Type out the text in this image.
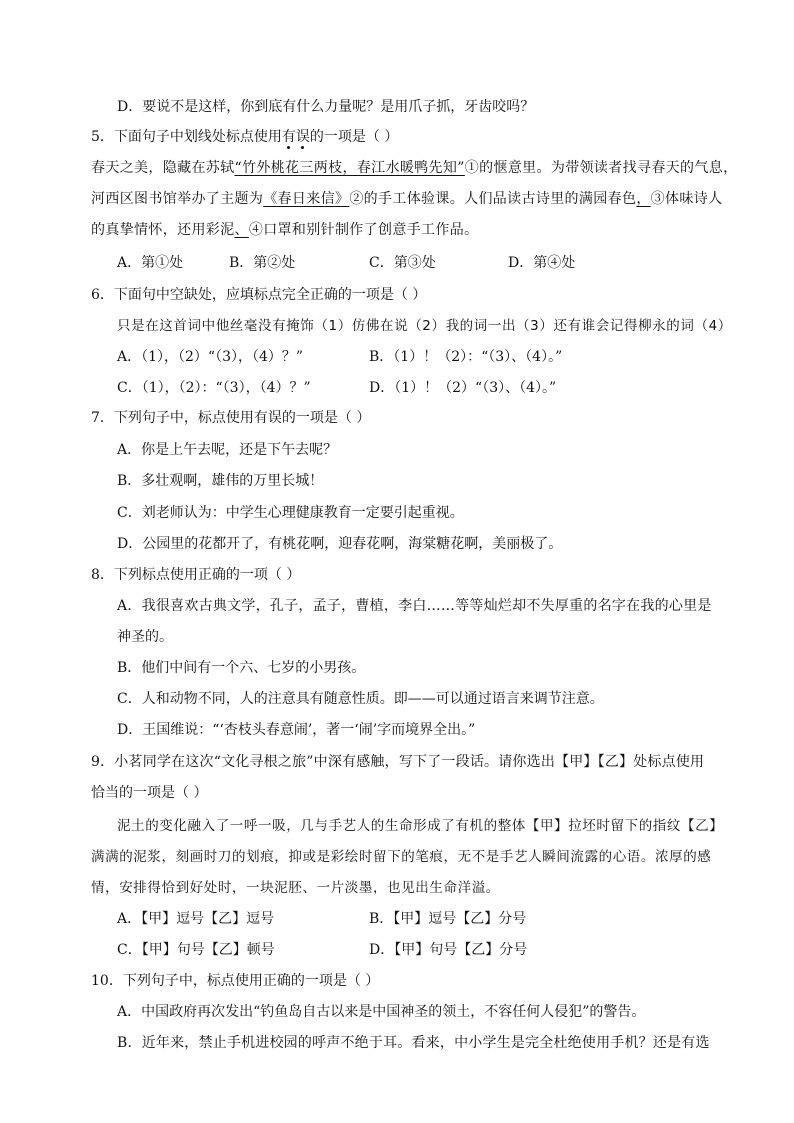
D．要说不是这样，你到底有什么力量呢？是用爪子抓，牙齿咬吗？
5．下面句子中划线处标点使用有误的一项是（ ）
春天之美，隐藏在苏轼“竹外桃花三两枝，春江水暖鸭先知”①的惬意里。为带领读者找寻春天的气息，
河西区图书馆举办了主题为《春日来信》②的手工体验课。人们品读古诗里的满园春色，③体味诗人
的真挚情怀，还用彩泥、④口罩和别针制作了创意手工作品。
A．第①处	B．第②处	C．第③处	D．第④处
6．下面句中空缺处，应填标点完全正确的一项是（ ）
只是在这首词中他丝毫没有掩饰（1）仿佛在说（2）我的词一出（3）还有谁会记得柳永的词（4）
A．（1），（2）“（3），（4）？”	B．（1）！（2）：“（3）、（4）。”
C．（1），（2）：“（3），（4）？”	D．（1）！（2）“（3）、（4）。”
7．下列句子中，标点使用有误的一项是（ ）
A．你是上午去呢，还是下午去呢？
B．多壮观啊，雄伟的万里长城！
C．刘老师认为：中学生心理健康教育一定要引起重视。
D．公园里的花都开了，有桃花啊，迎春花啊，海棠糖花啊，美丽极了。
8．下列标点使用正确的一项（ ）
A．我很喜欢古典文学，孔子，孟子，曹植，李白……等等灿烂却不失厚重的名字在我的心里是
神圣的。
B．他们中间有一个六、七岁的小男孩。
C．人和动物不同，人的注意具有随意性质。即——可以通过语言来调节注意。
D．王国维说：“‘杏枝头春意闹’，著一‘闹’字而境界全出。”
9．小茗同学在这次“文化寻根之旅”中深有感触，写下了一段话。请你选出【甲】【乙】处标点使用
恰当的一项是（ ）
泥土的变化融入了一呼一吸，几与手艺人的生命形成了有机的整体【甲】拉坯时留下的指纹【乙】
满满的泥浆，刻画时刀的划痕，抑或是彩绘时留下的笔痕，无不是手艺人瞬间流露的心语。浓厚的感
情，安排得恰到好处时，一块泥胚、一片淡墨，也见出生命洋溢。
A．【甲】逗号【乙】逗号	B．【甲】逗号【乙】分号
C．【甲】句号【乙】顿号	D．【甲】句号【乙】分号
10．下列句子中，标点使用正确的一项是（ ）
A．中国政府再次发出“钓鱼岛自古以来是中国神圣的领土，不容任何人侵犯”的警告。
B．近年来，禁止手机进校园的呼声不绝于耳。看来，中小学生是完全杜绝使用手机？还是有选
